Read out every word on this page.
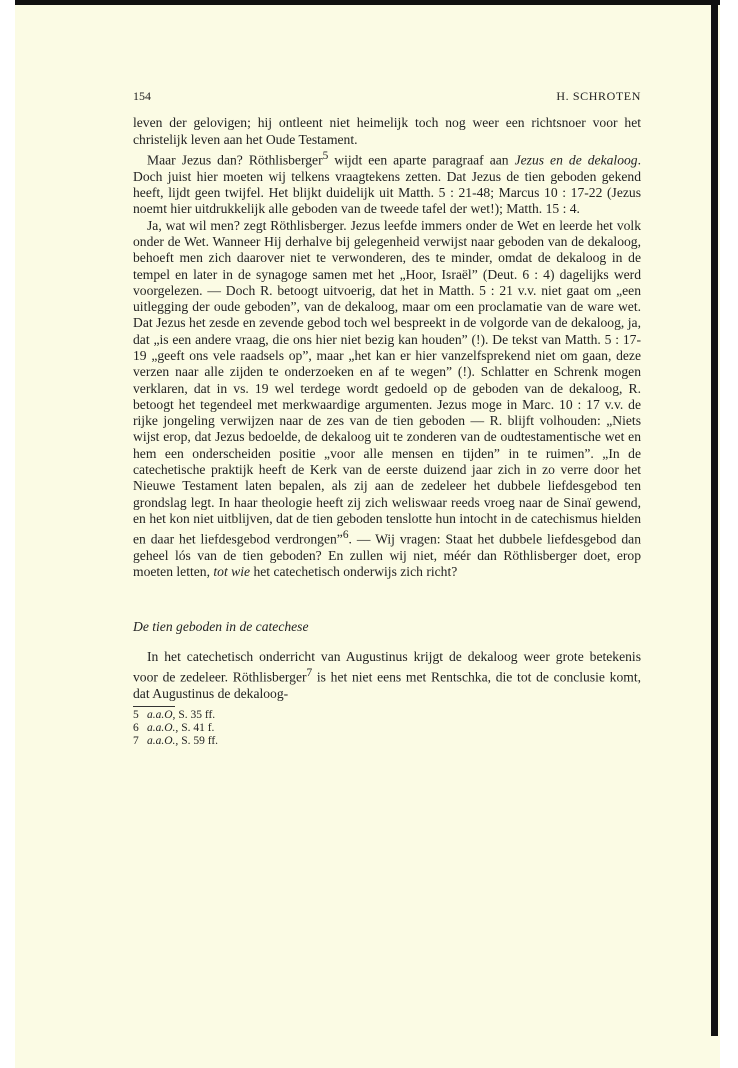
154	H. SCHROTEN

leven der gelovigen; hij ontleent niet heimelijk toch nog weer een richtsnoer voor het christelijk leven aan het Oude Testament.

Maar Jezus dan? Röthlisberger$^5$ wijdt een aparte paragraaf aan Jezus en de dekaloog. Doch juist hier moeten wij telkens vraagtekens zetten. Dat Jezus de tien geboden gekend heeft, lijdt geen twijfel. Het blijkt duidelijk uit Matth. 5 : 21-48; Marcus 10 : 17-22 (Jezus noemt hier uitdrukkelijk alle geboden van de tweede tafel der wet!); Matth. 15 : 4.

Ja, wat wil men? zegt Röthlisberger. Jezus leefde immers onder de Wet en leerde het volk onder de Wet. Wanneer Hij derhalve bij gelegenheid verwijst naar geboden van de dekaloog, behoeft men zich daarover niet te verwonderen, des te minder, omdat de dekaloog in de tempel en later in de synagoge samen met het „Hoor, Israël” (Deut. 6 : 4) dagelijks werd voorgelezen. — Doch R. betoogt uitvoerig, dat het in Matth. 5 : 21 v.v. niet gaat om „een uitlegging der oude geboden”, van de dekaloog, maar om een proclamatie van de ware wet. Dat Jezus het zesde en zevende gebod toch wel bespreekt in de volgorde van de dekaloog, ja, dat „is een andere vraag, die ons hier niet bezig kan houden” (!). De tekst van Matth. 5 : 17-19 „geeft ons vele raadsels op”, maar „het kan er hier vanzelfsprekend niet om gaan, deze verzen naar alle zijden te onderzoeken en af te wegen” (!). Schlatter en Schrenk mogen verklaren, dat in vs. 19 wel terdege wordt gedoeld op de geboden van de dekaloog, R. betoogt het tegendeel met merkwaardige argumenten. Jezus moge in Marc. 10 : 17 v.v. de rijke jongeling verwijzen naar de zes van de tien geboden — R. blijft volhouden: „Niets wijst erop, dat Jezus bedoelde, de dekaloog uit te zonderen van de oudtestamentische wet en hem een onderscheiden positie „voor alle mensen en tijden” in te ruimen”. „In de catechetische praktijk heeft de Kerk van de eerste duizend jaar zich in zo verre door het Nieuwe Testament laten bepalen, als zij aan de zedeleer het dubbele liefdesgebod ten grondslag legt. In haar theologie heeft zij zich weliswaar reeds vroeg naar de Sinaï gewend, en het kon niet uitblijven, dat de tien geboden tenslotte hun intocht in de catechismus hielden en daar het liefdesgebod verdrongen”$^6$. — Wij vragen: Staat het dubbele liefdesgebod dan geheel lós van de tien geboden? En zullen wij niet, méér dan Röthlisberger doet, erop moeten letten, tot wie het catechetisch onderwijs zich richt?

De tien geboden in de catechese

In het catechetisch onderricht van Augustinus krijgt de dekaloog weer grote betekenis voor de zedeleer. Röthlisberger$^7$ is het niet eens met Rentschka, die tot de conclusie komt, dat Augustinus de dekaloog-

5 a.a.O,
S. 35 ff.
6 a.a.O.,
S. 41 f.
7 a.a.O.,
S. 59 ff.
